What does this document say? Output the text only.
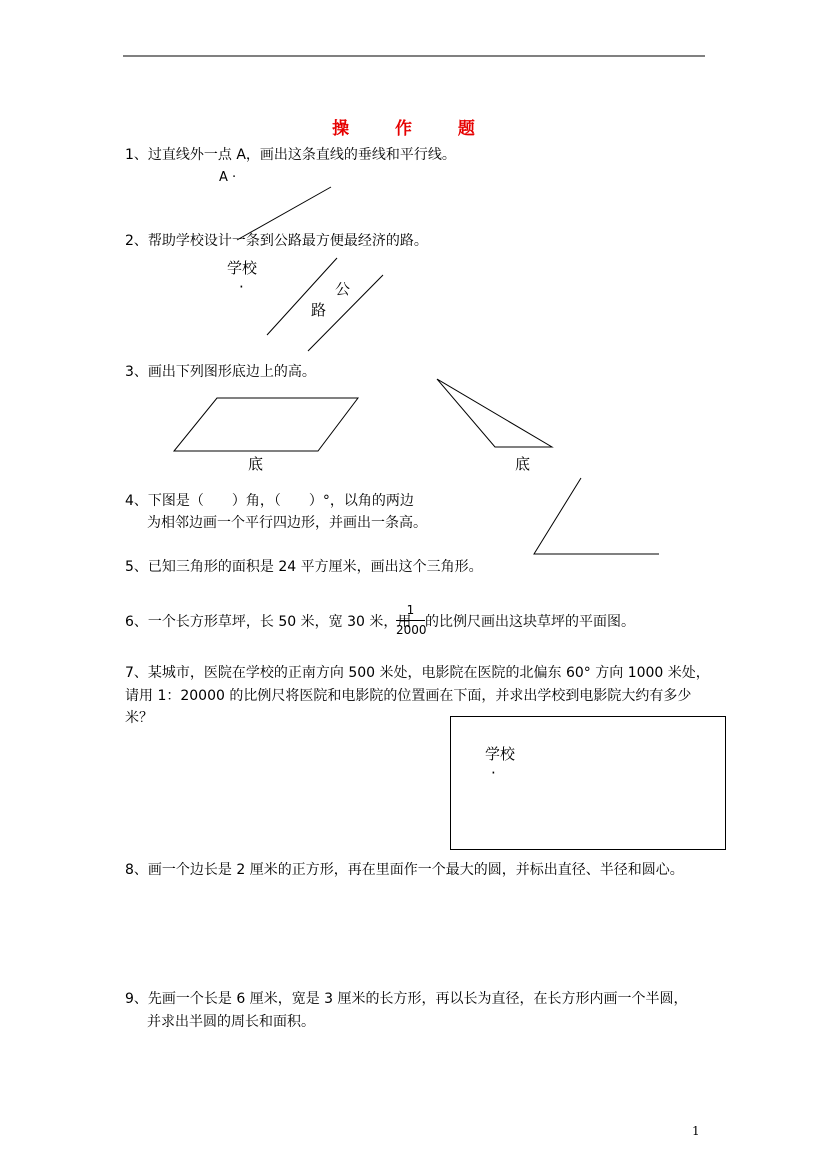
操 作 题
1、过直线外一点 A，画出这条直线的垂线和平行线。
A ·
2、帮助学校设计一条到公路最方便最经济的路。
学校
·	公
路
3、画出下列图形底边上的高。
底	底
4、下图是（　　）角，（　　）°，以角的两边
为相邻边画一个平行四边形，并画出一条高。
5、已知三角形的面积是 24 平方厘米，画出这个三角形。
6、一个长方形草坪，长 50 米，宽 30 米，用
1
2000
的比例尺画出这块草坪的平面图。
7、某城市，医院在学校的正南方向 500 米处，电影院在医院的北偏东 60° 方向 1000 米处，
请用 1：20000 的比例尺将医院和电影院的位置画在下面，并求出学校到电影院大约有多少
米？
学校
·
8、画一个边长是 2 厘米的正方形，再在里面作一个最大的圆，并标出直径、半径和圆心。
9、先画一个长是 6 厘米，宽是 3 厘米的长方形，再以长为直径，在长方形内画一个半圆，
并求出半圆的周长和面积。
1
